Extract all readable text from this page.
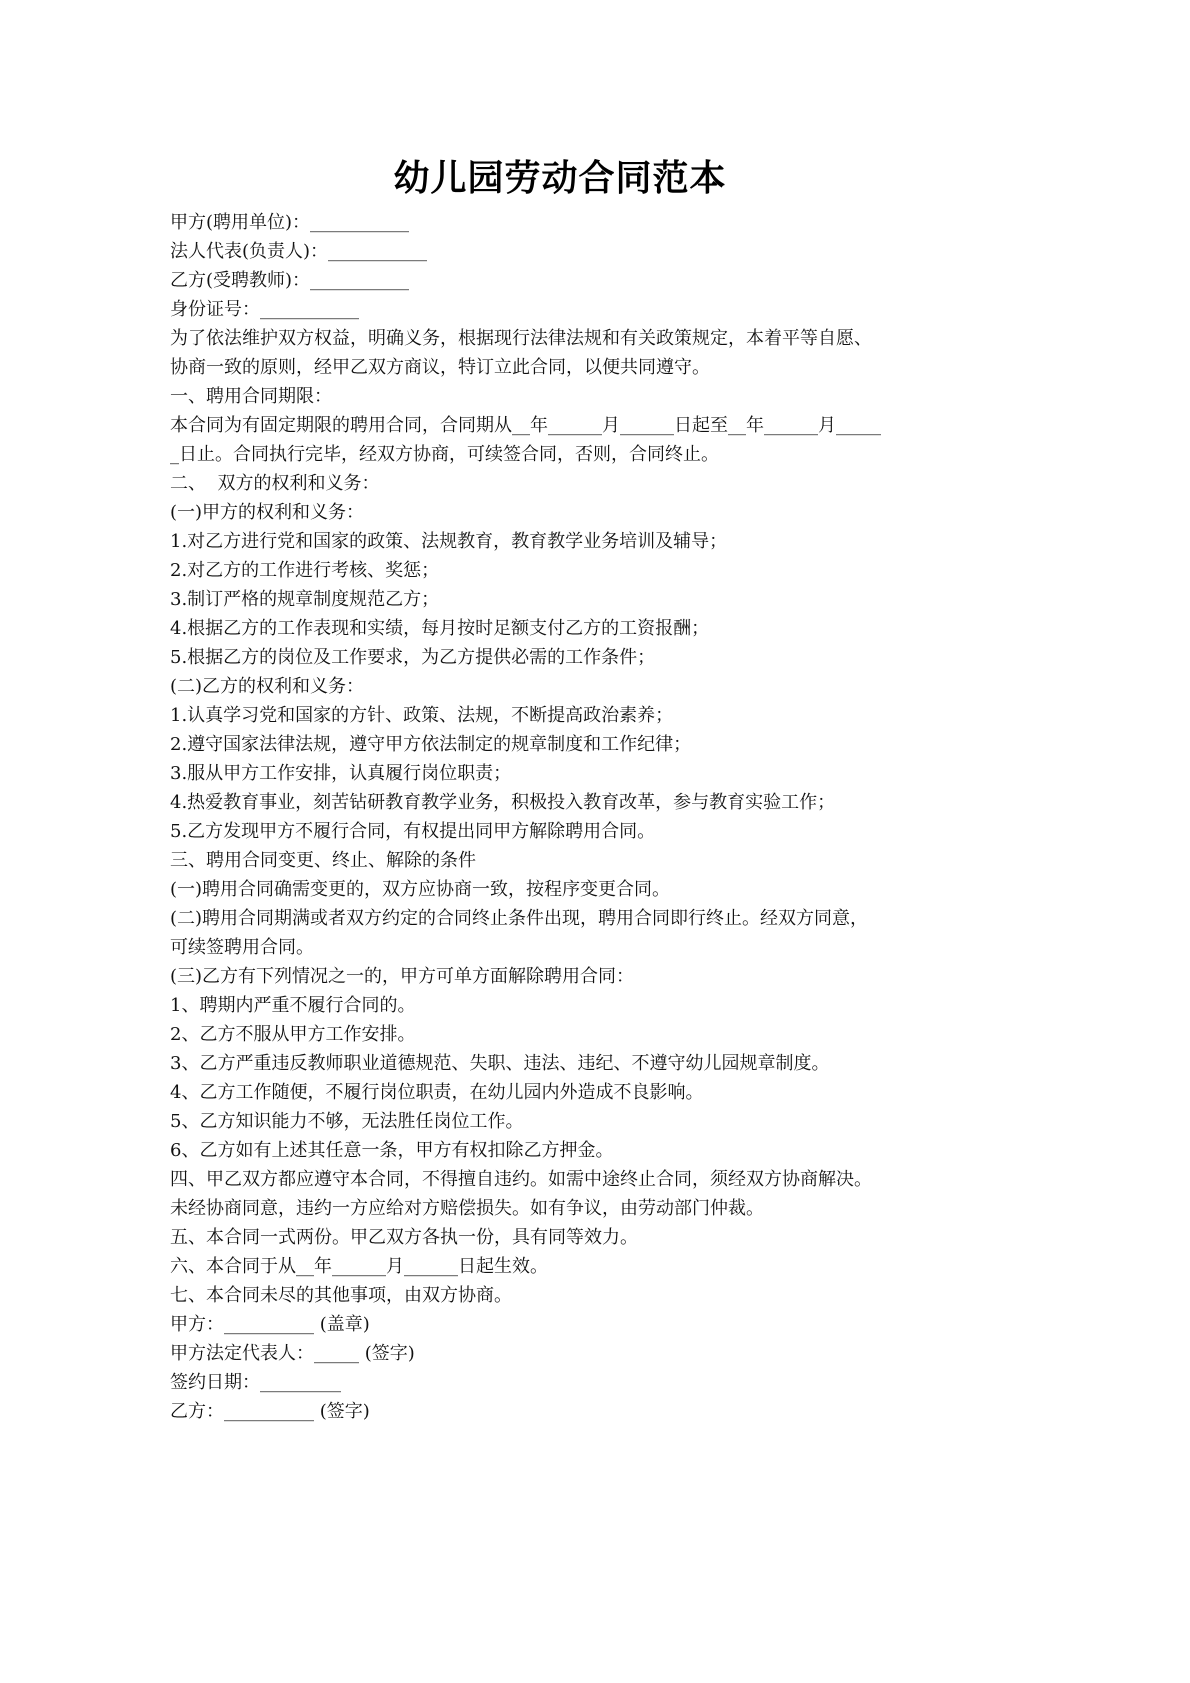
幼儿园劳动合同范本
甲方(聘用单位)：___________
法人代表(负责人)：___________
乙方(受聘教师)：___________
身份证号：___________
为了依法维护双方权益，明确义务，根据现行法律法规和有关政策规定，本着平等自愿、
协商一致的原则，经甲乙双方商议，特订立此合同，以便共同遵守。
一、聘用合同期限：
本合同为有固定期限的聘用合同，合同期从__年______月______日起至__年______月_____
_日止。合同执行完毕，经双方协商，可续签合同，否则，合同终止。
二、  双方的权利和义务：
(一)甲方的权利和义务：
1.对乙方进行党和国家的政策、法规教育，教育教学业务培训及辅导；
2.对乙方的工作进行考核、奖惩；
3.制订严格的规章制度规范乙方；
4.根据乙方的工作表现和实绩，每月按时足额支付乙方的工资报酬；
5.根据乙方的岗位及工作要求，为乙方提供必需的工作条件；
(二)乙方的权利和义务：
1.认真学习党和国家的方针、政策、法规，不断提高政治素养；
2.遵守国家法律法规，遵守甲方依法制定的规章制度和工作纪律；
3.服从甲方工作安排，认真履行岗位职责；
4.热爱教育事业，刻苦钻研教育教学业务，积极投入教育改革，参与教育实验工作；
5.乙方发现甲方不履行合同，有权提出同甲方解除聘用合同。
三、聘用合同变更、终止、解除的条件
(一)聘用合同确需变更的，双方应协商一致，按程序变更合同。
(二)聘用合同期满或者双方约定的合同终止条件出现，聘用合同即行终止。经双方同意，
可续签聘用合同。
(三)乙方有下列情况之一的，甲方可单方面解除聘用合同：
1、聘期内严重不履行合同的。
2、乙方不服从甲方工作安排。
3、乙方严重违反教师职业道德规范、失职、违法、违纪、不遵守幼儿园规章制度。
4、乙方工作随便，不履行岗位职责，在幼儿园内外造成不良影响。
5、乙方知识能力不够，无法胜任岗位工作。
6、乙方如有上述其任意一条，甲方有权扣除乙方押金。
四、甲乙双方都应遵守本合同，不得擅自违约。如需中途终止合同，须经双方协商解决。
未经协商同意，违约一方应给对方赔偿损失。如有争议，由劳动部门仲裁。
五、本合同一式两份。甲乙双方各执一份，具有同等效力。
六、本合同于从__年______月______日起生效。
七、本合同未尽的其他事项，由双方协商。
甲方：__________ (盖章)
甲方法定代表人：_____ (签字)
签约日期：_________
乙方：__________ (签字)
